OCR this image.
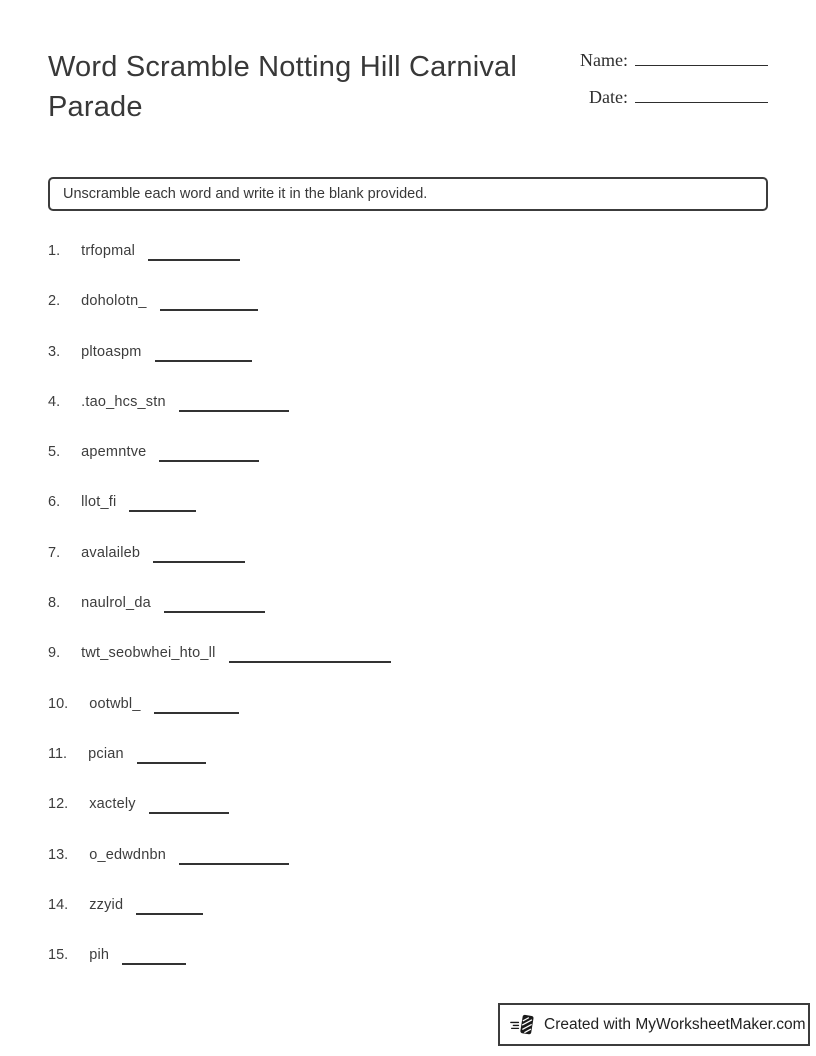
Word Scramble Notting Hill Carnival Parade
Name:
Date:
Unscramble each word and write it in the blank provided.
1. trfopmal
2. doholotn_
3. pltoaspm
4. .tao_hcs_stn
5. apemntve
6. llot_fi
7. avalaileb
8. naulrol_da
9. twt_seobwhei_hto_ll
10. ootwbl_
11. pcian
12. xactely
13. o_edwdnbn
14. zzyid
15. pih
Created with MyWorksheetMaker.com
